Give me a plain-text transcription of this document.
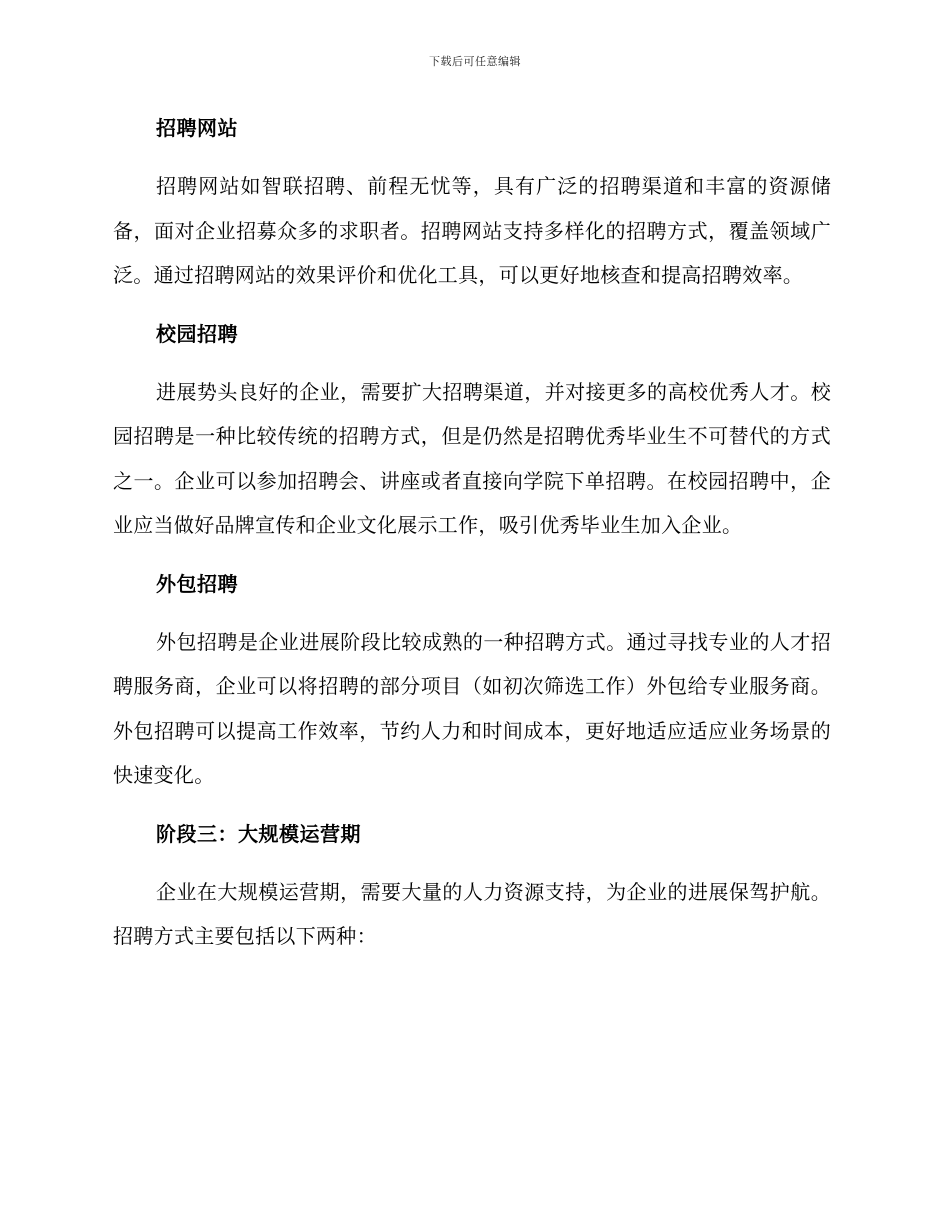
下载后可任意编辑
招聘网站

招聘网站如智联招聘、前程无忧等，具有广泛的招聘渠道和丰富的资源储备，面对企业招募众多的求职者。招聘网站支持多样化的招聘方式，覆盖领域广泛。通过招聘网站的效果评价和优化工具，可以更好地核查和提高招聘效率。

校园招聘

进展势头良好的企业，需要扩大招聘渠道，并对接更多的高校优秀人才。校园招聘是一种比较传统的招聘方式，但是仍然是招聘优秀毕业生不可替代的方式之一。企业可以参加招聘会、讲座或者直接向学院下单招聘。在校园招聘中，企业应当做好品牌宣传和企业文化展示工作，吸引优秀毕业生加入企业。

外包招聘

外包招聘是企业进展阶段比较成熟的一种招聘方式。通过寻找专业的人才招聘服务商，企业可以将招聘的部分项目（如初次筛选工作）外包给专业服务商。外包招聘可以提高工作效率，节约人力和时间成本，更好地适应适应业务场景的快速变化。

阶段三：大规模运营期

企业在大规模运营期，需要大量的人力资源支持，为企业的进展保驾护航。招聘方式主要包括以下两种：
